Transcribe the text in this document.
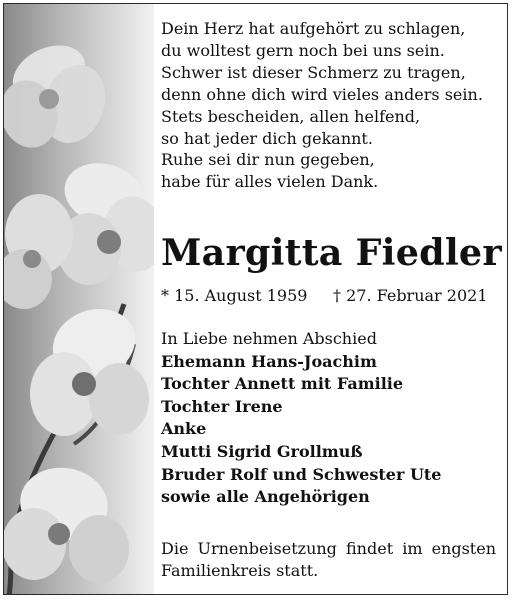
Dein Herz hat aufgehört zu schlagen,
du wolltest gern noch bei uns sein.
Schwer ist dieser Schmerz zu tragen,
denn ohne dich wird vieles anders sein.
Stets bescheiden, allen helfend,
so hat jeder dich gekannt.
Ruhe sei dir nun gegeben,
habe für alles vielen Dank.
Margitta Fiedler
* 15. August 1959 † 27. Februar 2021
In Liebe nehmen Abschied
Ehemann Hans-Joachim
Tochter Annett mit Familie
Tochter Irene
Anke
Mutti Sigrid Grollmuß
Bruder Rolf und Schwester Ute
sowie alle Angehörigen
Die Urnenbeisetzung findet im engsten Familienkreis statt.
